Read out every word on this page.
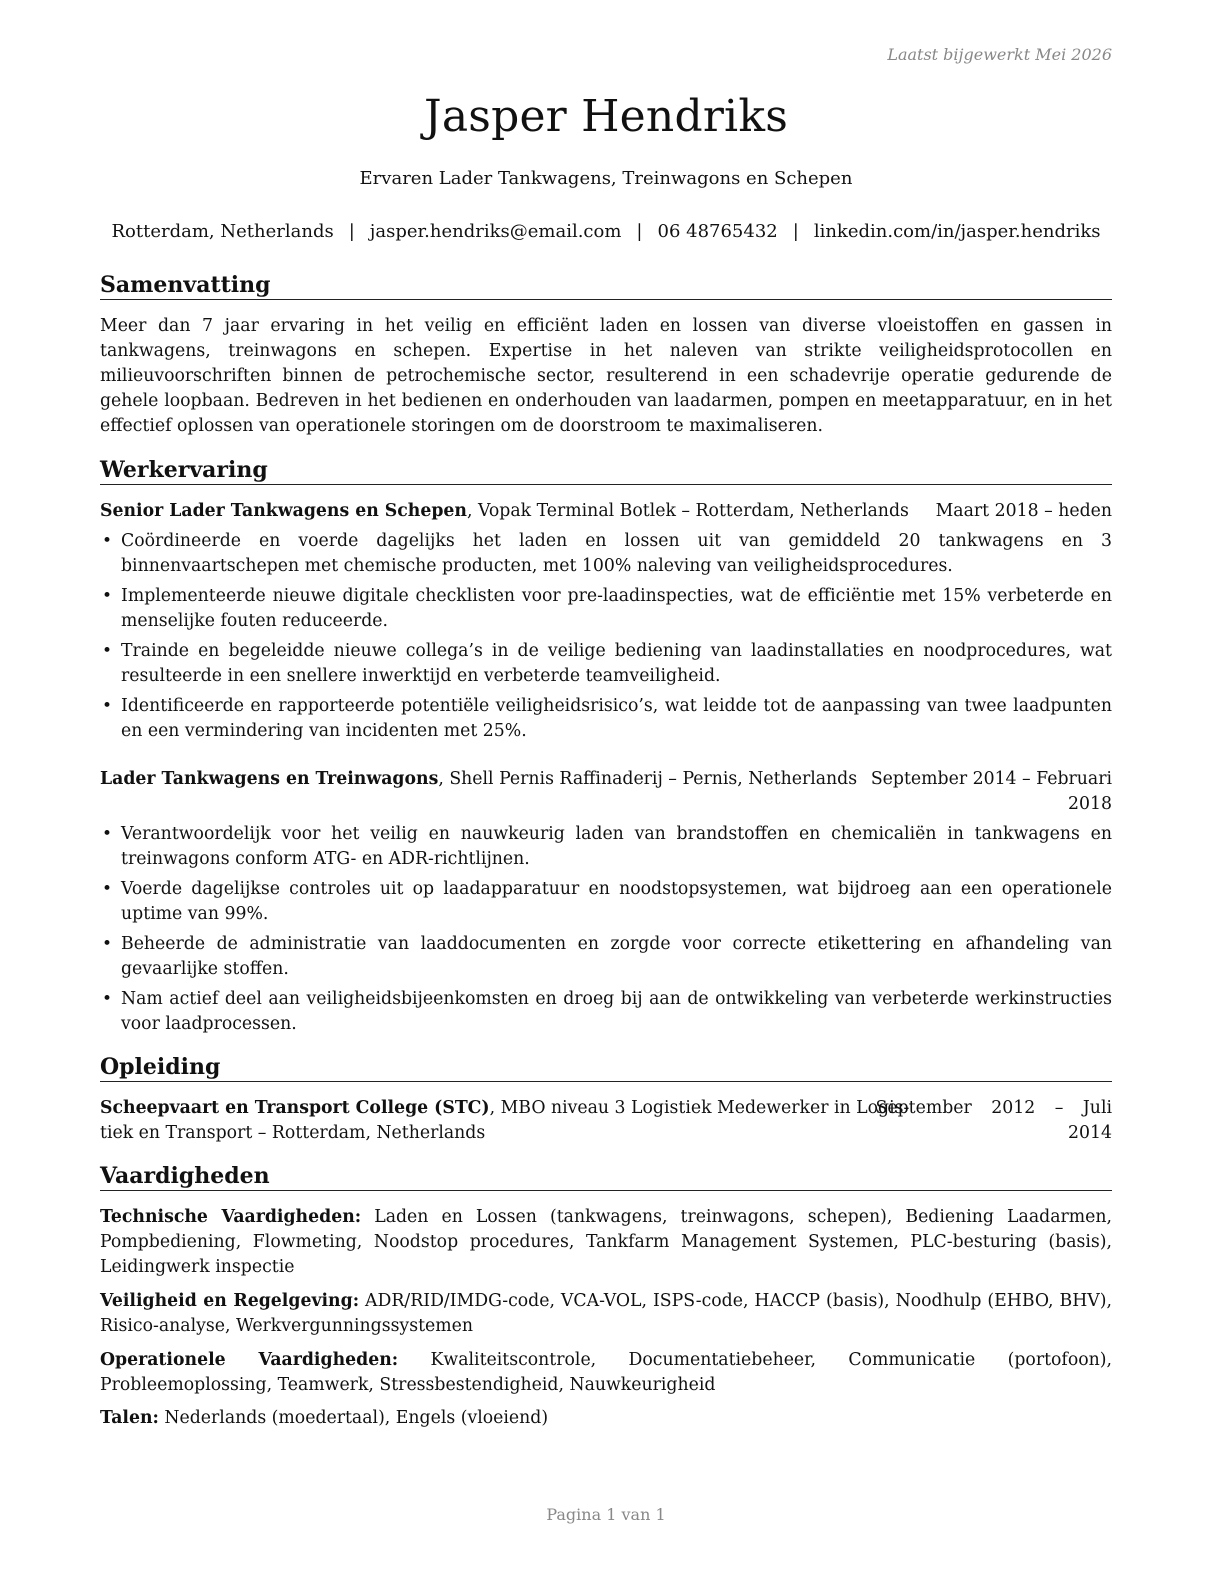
Laatst bijgewerkt Mei 2026
Jasper Hendriks
Ervaren Lader Tankwagens, Treinwagons en Schepen
Rotterdam, Netherlands | jasper.hendriks@email.com | 06 48765432 | linkedin.com/in/jasper.hendriks
Samenvatting
Meer dan 7 jaar ervaring in het veilig en efficiënt laden en lossen van diverse vloeistoffen en gassen in tankwagens, treinwagons en schepen. Expertise in het naleven van strikte veiligheidsprotocollen en milieuvoorschriften binnen de petrochemische sector, resulterend in een schadevrije operatie gedurende de gehele loopbaan. Bedreven in het bedienen en onderhouden van laadarmen, pompen en meetapparatuur, en in het effectief oplossen van operationele storingen om de doorstroom te maximaliseren.
Werkervaring
Senior Lader Tankwagens en Schepen, Vopak Terminal Botlek – Rotterdam, Netherlands Maart 2018 – heden
• Coördineerde en voerde dagelijks het laden en lossen uit van gemiddeld 20 tankwagens en 3 binnenvaartschepen met chemische producten, met 100% naleving van veiligheidsprocedures.
• Implementeerde nieuwe digitale checklisten voor pre-laadinspecties, wat de efficiëntie met 15% verbeterde en menselijke fouten reduceerde.
• Trainde en begeleidde nieuwe collega’s in de veilige bediening van laadinstallaties en noodprocedures, wat resulteerde in een snellere inwerktijd en verbeterde teamveiligheid.
• Identificeerde en rapporteerde potentiële veiligheidsrisico’s, wat leidde tot de aanpassing van twee laadpunten en een vermindering van incidenten met 25%.
Lader Tankwagens en Treinwagons, Shell Pernis Raffinaderij – Pernis, Netherlands September 2014 – Februari
2018
• Verantwoordelijk voor het veilig en nauwkeurig laden van brandstoffen en chemicaliën in tankwagens en treinwagons conform ATG- en ADR-richtlijnen.
• Voerde dagelijkse controles uit op laadapparatuur en noodstopsystemen, wat bijdroeg aan een operationele uptime van 99%.
• Beheerde de administratie van laaddocumenten en zorgde voor correcte etikettering en afhandeling van gevaarlijke stoffen.
• Nam actief deel aan veiligheidsbijeenkomsten en droeg bij aan de ontwikkeling van verbeterde werkinstructies voor laadprocessen.
Opleiding
Scheepvaart en Transport College (STC), MBO niveau 3 Logistiek Medewerker in Logis-
tiek en Transport – Rotterdam, Netherlands
September 2012 – Juli
2014
Vaardigheden
Technische Vaardigheden: Laden en Lossen (tankwagens, treinwagons, schepen), Bediening Laadarmen, Pompbediening, Flowmeting, Noodstop procedures, Tankfarm Management Systemen, PLC-besturing (basis), Leidingwerk inspectie
Veiligheid en Regelgeving: ADR/RID/IMDG-code, VCA-VOL, ISPS-code, HACCP (basis), Noodhulp (EHBO, BHV), Risico-analyse, Werkvergunningssystemen
Operationele Vaardigheden: Kwaliteitscontrole, Documentatiebeheer, Communicatie (portofoon), Probleemoplossing, Teamwerk, Stressbestendigheid, Nauwkeurigheid
Talen: Nederlands (moedertaal), Engels (vloeiend)
Pagina 1 van 1
